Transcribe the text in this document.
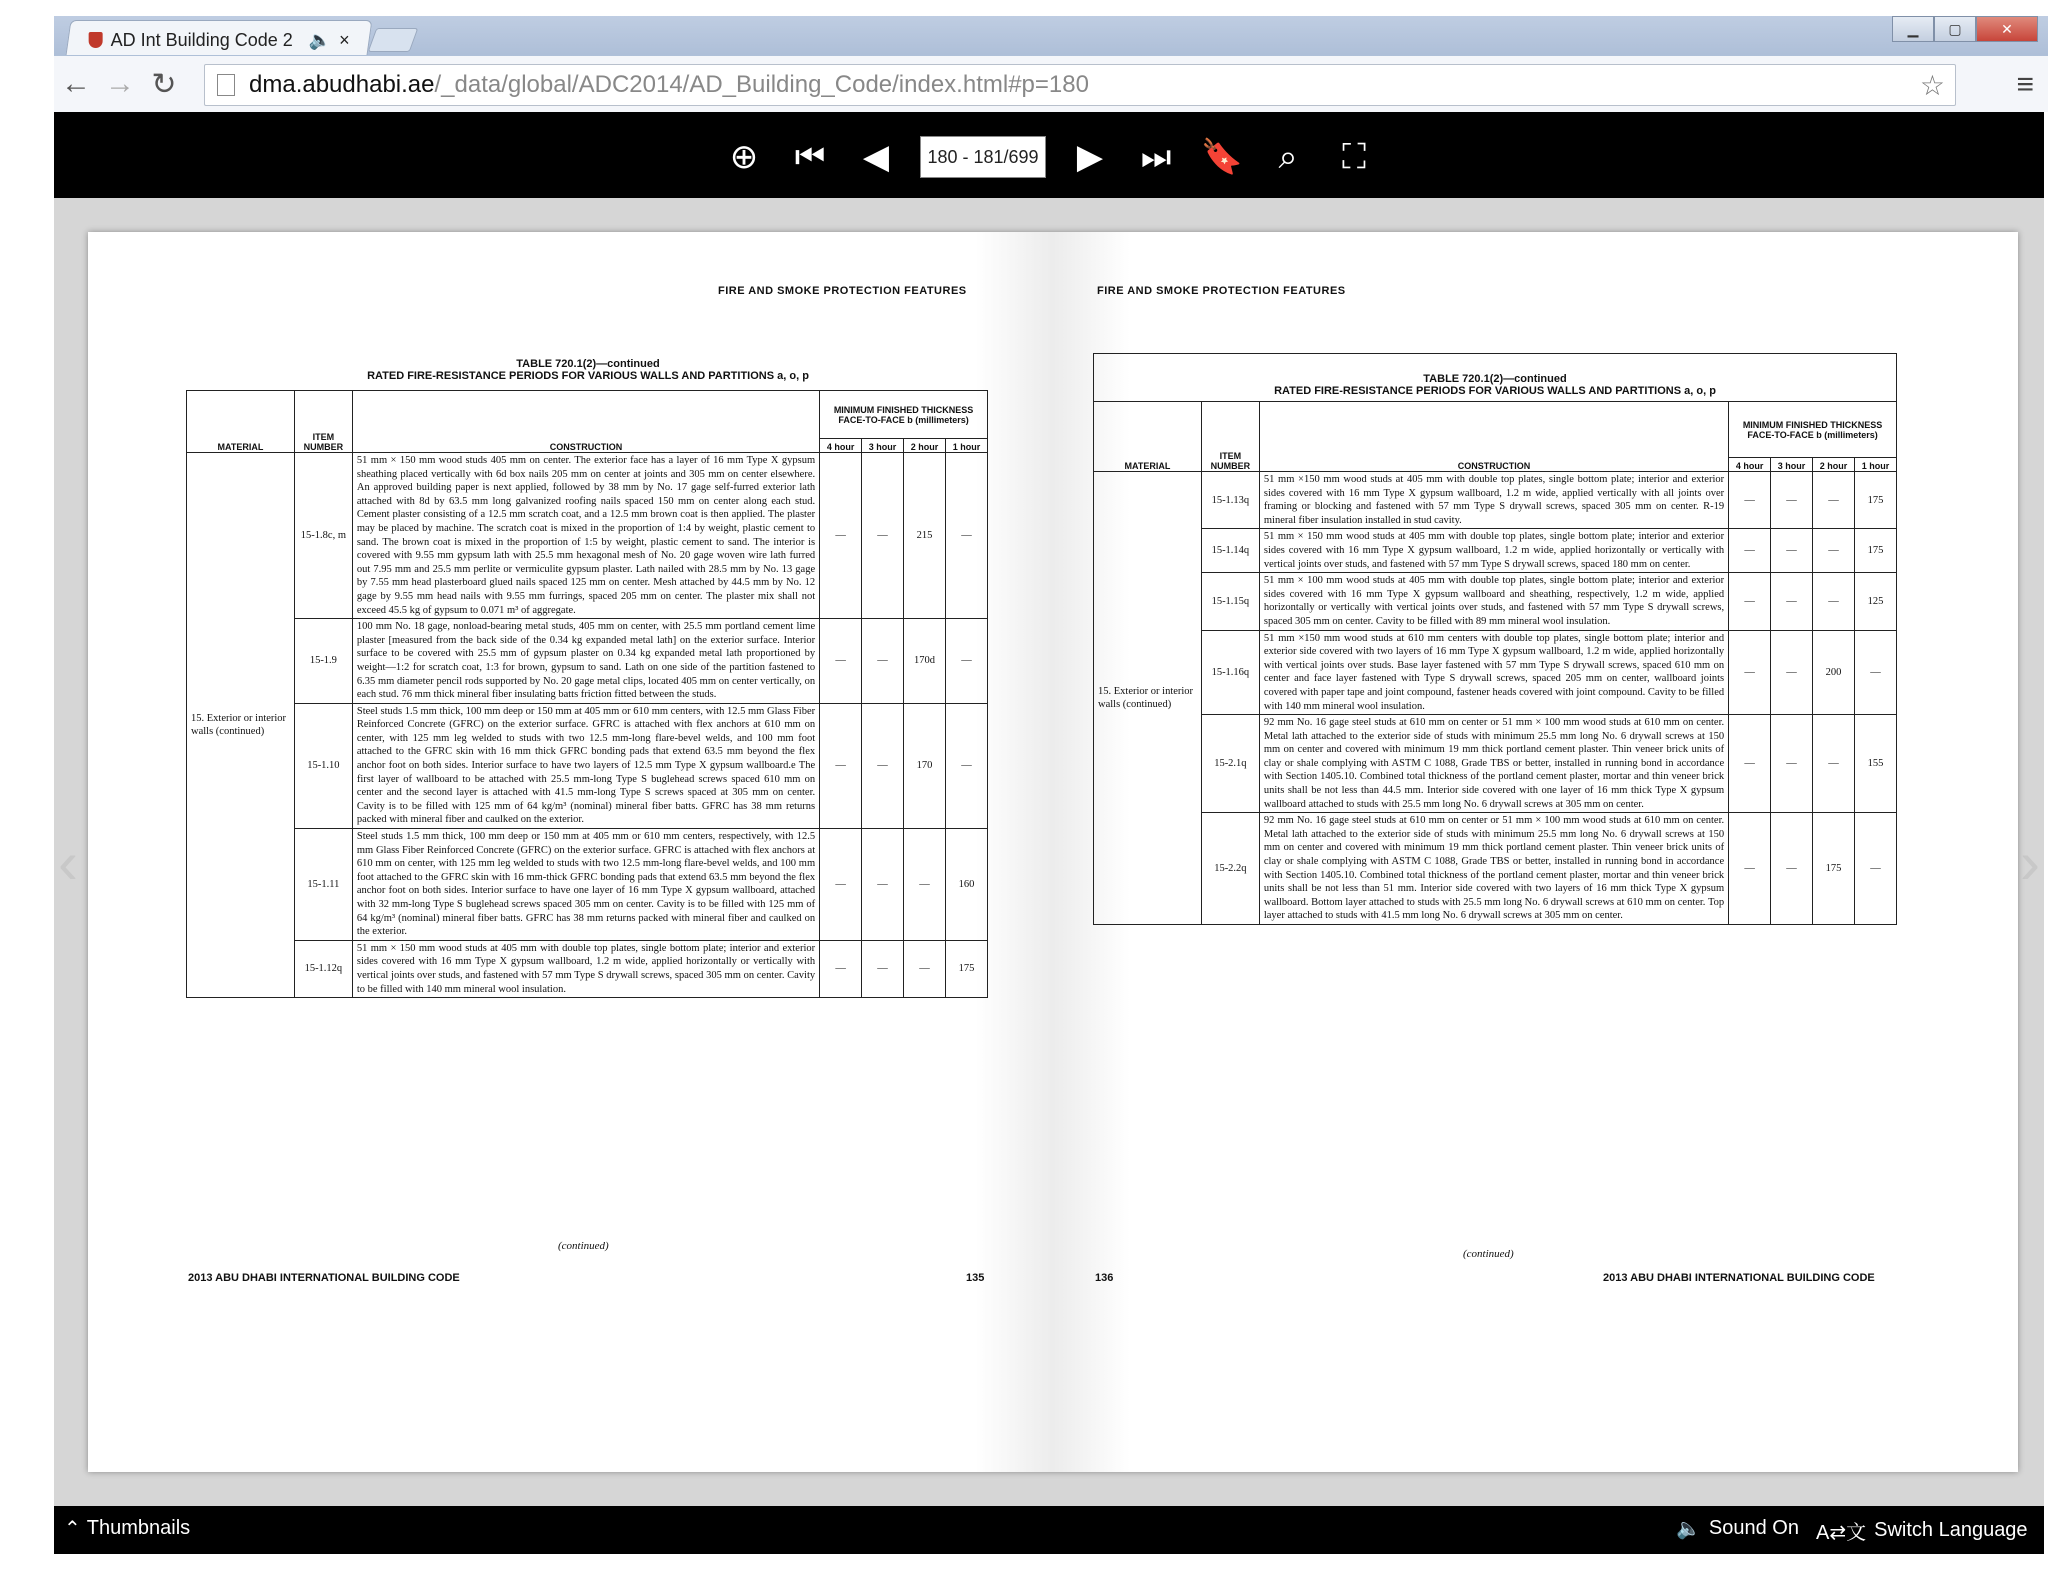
AD Int Building Code 2 🔈 ×
▁	▢	✕
← → ↻	dma.abudhabi.ae /_data/global/ADC2014/AD_Building_Code/index.html#p=180	☆ ≡
⊕ ⏮ ◀	180 - 181/699 ▶ ⏭ 🔖	⌕	⛶
‹	›
FIRE AND SMOKE PROTECTION FEATURES
TABLE 720.1(2)—continued
RATED FIRE-RESISTANCE PERIODS FOR VARIOUS WALLS AND PARTITIONS a, o, p
MATERIAL	ITEM NUMBER	CONSTRUCTION	MINIMUM FINISHED THICKNESS FACE-TO-FACE b (millimeters)			
			4 hour	3 hour	2 hour	1 hour
15. Exterior or interior walls (continued)	15-1.8c, m	51 mm × 150 mm wood studs 405 mm on center. The exterior face has a layer of 16 mm Type X gypsum sheathing placed vertically with 6d box nails 205 mm on center at joints and 305 mm on center elsewhere. An approved building paper is next applied, followed by 38 mm by No. 17 gage self-furred exterior lath attached with 8d by 63.5 mm long galvanized roofing nails spaced 150 mm on center along each stud. Cement plaster consisting of a 12.5 mm scratch coat, and a 12.5 mm brown coat is then applied. The plaster may be placed by machine. The scratch coat is mixed in the proportion of 1:4 by weight, plastic cement to sand. The brown coat is mixed in the proportion of 1:5 by weight, plastic cement to sand. The interior is covered with 9.55 mm gypsum lath with 25.5 mm hexagonal mesh of No. 20 gage woven wire lath furred out 7.95 mm and 25.5 mm perlite or vermiculite gypsum plaster. Lath nailed with 28.5 mm by No. 13 gage by 7.55 mm head plasterboard glued nails spaced 125 mm on center. Mesh attached by 44.5 mm by No. 12 gage by 9.55 mm head nails with 9.55 mm furrings, spaced 205 mm on center. The plaster mix shall not exceed 45.5 kg of gypsum to 0.071 m³ of aggregate.	—	—	215	—
	15-1.9	100 mm No. 18 gage, nonload-bearing metal studs, 405 mm on center, with 25.5 mm portland cement lime plaster [measured from the back side of the 0.34 kg expanded metal lath] on the exterior surface. Interior surface to be covered with 25.5 mm of gypsum plaster on 0.34 kg expanded metal lath proportioned by weight—1:2 for scratch coat, 1:3 for brown, gypsum to sand. Lath on one side of the partition fastened to 6.35 mm diameter pencil rods supported by No. 20 gage metal clips, located 405 mm on center vertically, on each stud. 76 mm thick mineral fiber insulating batts friction fitted between the studs.	—	—	170d	—
	15-1.10	Steel studs 1.5 mm thick, 100 mm deep or 150 mm at 405 mm or 610 mm centers, with 12.5 mm Glass Fiber Reinforced Concrete (GFRC) on the exterior surface. GFRC is attached with flex anchors at 610 mm on center, with 125 mm leg welded to studs with two 12.5 mm-long flare-bevel welds, and 100 mm foot attached to the GFRC skin with 16 mm thick GFRC bonding pads that extend 63.5 mm beyond the flex anchor foot on both sides. Interior surface to have two layers of 12.5 mm Type X gypsum wallboard.e The first layer of wallboard to be attached with 25.5 mm-long Type S buglehead screws spaced 610 mm on center and the second layer is attached with 41.5 mm-long Type S screws spaced at 305 mm on center. Cavity is to be filled with 125 mm of 64 kg/m³ (nominal) mineral fiber batts. GFRC has 38 mm returns packed with mineral fiber and caulked on the exterior.	—	—	170	—
	15-1.11	Steel studs 1.5 mm thick, 100 mm deep or 150 mm at 405 mm or 610 mm centers, respectively, with 12.5 mm Glass Fiber Reinforced Concrete (GFRC) on the exterior surface. GFRC is attached with flex anchors at 610 mm on center, with 125 mm leg welded to studs with two 12.5 mm-long flare-bevel welds, and 100 mm foot attached to the GFRC skin with 16 mm-thick GFRC bonding pads that extend 63.5 mm beyond the flex anchor foot on both sides. Interior surface to have one layer of 16 mm Type X gypsum wallboard, attached with 32 mm-long Type S buglehead screws spaced 305 mm on center. Cavity is to be filled with 125 mm of 64 kg/m³ (nominal) mineral fiber batts. GFRC has 38 mm returns packed with mineral fiber and caulked on the exterior.	—	—	—	160
	15-1.12q	51 mm × 150 mm wood studs at 405 mm with double top plates, single bottom plate; interior and exterior sides covered with 16 mm Type X gypsum wallboard, 1.2 m wide, applied horizontally or vertically with vertical joints over studs, and fastened with 57 mm Type S drywall screws, spaced 305 mm on center. Cavity to be filled with 140 mm mineral wool insulation.	—	—	—	175
(continued)
2013 ABU DHABI INTERNATIONAL BUILDING CODE	135
FIRE AND SMOKE PROTECTION FEATURES
TABLE 720.1(2)—continued
RATED FIRE-RESISTANCE PERIODS FOR VARIOUS WALLS AND PARTITIONS a, o, p						

MATERIAL	ITEM NUMBER	CONSTRUCTION	MINIMUM FINISHED THICKNESS FACE-TO-FACE b (millimeters)			
			4 hour	3 hour	2 hour	1 hour
15. Exterior or interior walls (continued)	15-1.13q	51 mm ×150 mm wood studs at 405 mm with double top plates, single bottom plate; interior and exterior sides covered with 16 mm Type X gypsum wallboard, 1.2 m wide, applied vertically with all joints over framing or blocking and fastened with 57 mm Type S drywall screws, spaced 305 mm on center. R-19 mineral fiber insulation installed in stud cavity.	—	—	—	175
	15-1.14q	51 mm × 150 mm wood studs at 405 mm with double top plates, single bottom plate; interior and exterior sides covered with 16 mm Type X gypsum wallboard, 1.2 m wide, applied horizontally or vertically with vertical joints over studs, and fastened with 57 mm Type S drywall screws, spaced 180 mm on center.	—	—	—	175
	15-1.15q	51 mm × 100 mm wood studs at 405 mm with double top plates, single bottom plate; interior and exterior sides covered with 16 mm Type X gypsum wallboard and sheathing, respectively, 1.2 m wide, applied horizontally or vertically with vertical joints over studs, and fastened with 57 mm Type S drywall screws, spaced 305 mm on center. Cavity to be filled with 89 mm mineral wool insulation.	—	—	—	125
	15-1.16q	51 mm ×150 mm wood studs at 610 mm centers with double top plates, single bottom plate; interior and exterior side covered with two layers of 16 mm Type X gypsum wallboard, 1.2 m wide, applied horizontally with vertical joints over studs. Base layer fastened with 57 mm Type S drywall screws, spaced 610 mm on center and face layer fastened with Type S drywall screws, spaced 205 mm on center, wallboard joints covered with paper tape and joint compound, fastener heads covered with joint compound. Cavity to be filled with 140 mm mineral wool insulation.	—	—	200	—
	15-2.1q	92 mm No. 16 gage steel studs at 610 mm on center or 51 mm × 100 mm wood studs at 610 mm on center. Metal lath attached to the exterior side of studs with minimum 25.5 mm long No. 6 drywall screws at 150 mm on center and covered with minimum 19 mm thick portland cement plaster. Thin veneer brick units of clay or shale complying with ASTM C 1088, Grade TBS or better, installed in running bond in accordance with Section 1405.10. Combined total thickness of the portland cement plaster, mortar and thin veneer brick units shall be not less than 44.5 mm. Interior side covered with one layer of 16 mm thick Type X gypsum wallboard attached to studs with 25.5 mm long No. 6 drywall screws at 305 mm on center.	—	—	—	155
	15-2.2q	92 mm No. 16 gage steel studs at 610 mm on center or 51 mm × 100 mm wood studs at 610 mm on center. Metal lath attached to the exterior side of studs with minimum 25.5 mm long No. 6 drywall screws at 150 mm on center and covered with minimum 19 mm thick portland cement plaster. Thin veneer brick units of clay or shale complying with ASTM C 1088, Grade TBS or better, installed in running bond in accordance with Section 1405.10. Combined total thickness of the portland cement plaster, mortar and thin veneer brick units shall be not less than 51 mm. Interior side covered with two layers of 16 mm thick Type X gypsum wallboard. Bottom layer attached to studs with 25.5 mm long No. 6 drywall screws at 610 mm on center. Top layer attached to studs with 41.5 mm long No. 6 drywall screws at 305 mm on center.	—	—	175	—
(continued)
136	2013 ABU DHABI INTERNATIONAL BUILDING CODE
⌃ Thumbnails	🔈 Sound On A⇄文 Switch Language
